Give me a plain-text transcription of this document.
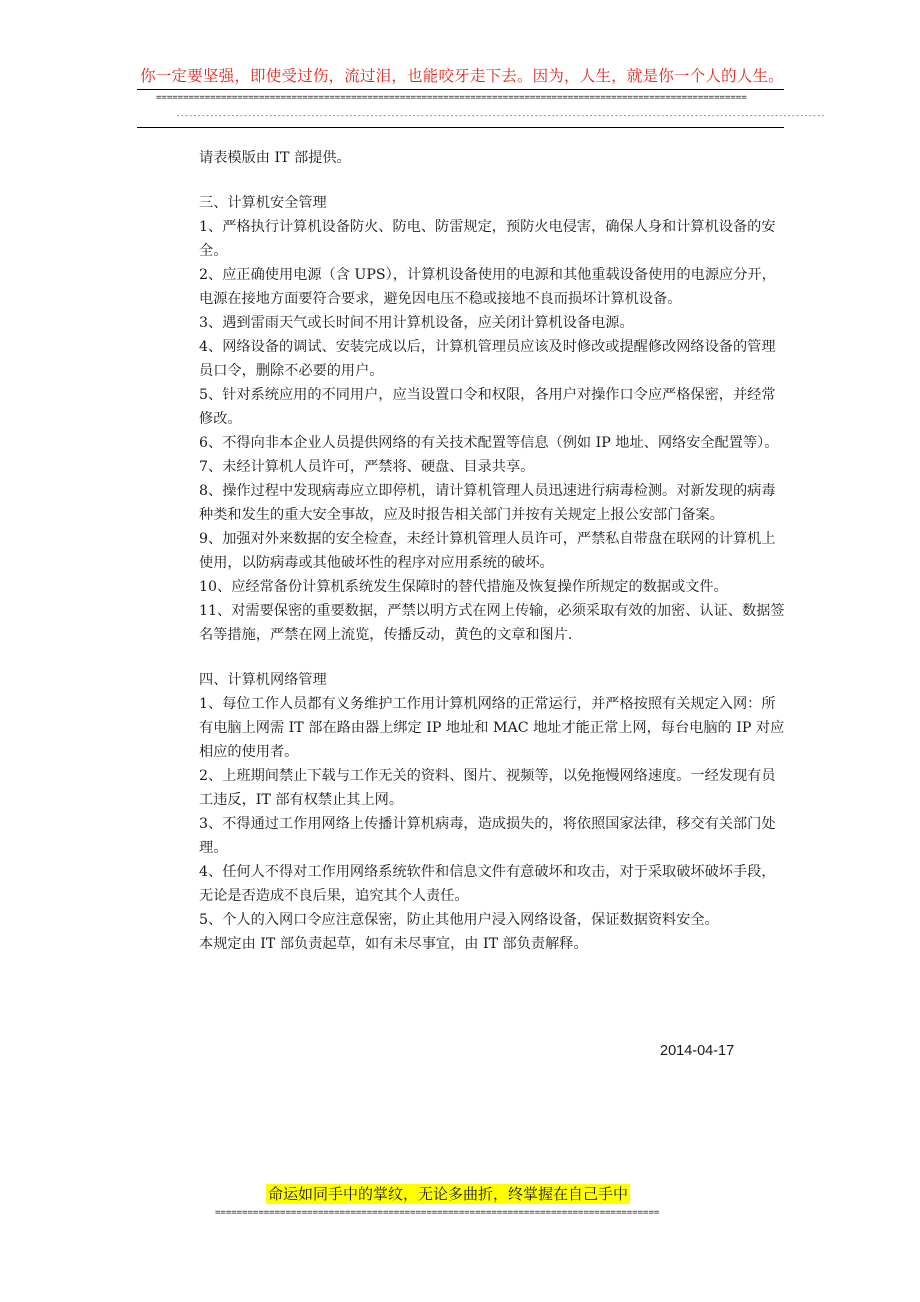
你一定要坚强，即使受过伤，流过泪，也能咬牙走下去。因为，人生，就是你一个人的人生。
=============================================================================================================
----------------------------------------------------------------------------------------------------------------------------------------------------------

请表模版由 IT 部提供。

三、计算机安全管理

1、严格执行计算机设备防火、防电、防雷规定，预防火电侵害，确保人身和计算机设备的安全。

2、应正确使用电源（含 UPS），计算机设备使用的电源和其他重载设备使用的电源应分开，电源在接地方面要符合要求，避免因电压不稳或接地不良而损坏计算机设备。

3、遇到雷雨天气或长时间不用计算机设备，应关闭计算机设备电源。

4、网络设备的调试、安装完成以后，计算机管理员应该及时修改或提醒修改网络设备的管理员口令，删除不必要的用户。

5、针对系统应用的不同用户，应当设置口令和权限，各用户对操作口令应严格保密，并经常修改。

6、不得向非本企业人员提供网络的有关技术配置等信息（例如 IP 地址、网络安全配置等）。

7、未经计算机人员许可，严禁将、硬盘、目录共享。

8、操作过程中发现病毒应立即停机，请计算机管理人员迅速进行病毒检测。对新发现的病毒种类和发生的重大安全事故，应及时报告相关部门并按有关规定上报公安部门备案。

9、加强对外来数据的安全检查，未经计算机管理人员许可，严禁私自带盘在联网的计算机上使用，以防病毒或其他破坏性的程序对应用系统的破坏。

10、应经常备份计算机系统发生保障时的替代措施及恢复操作所规定的数据或文件。

11、对需要保密的重要数据，严禁以明方式在网上传输，必须采取有效的加密、认证、数据签名等措施，严禁在网上流览，传播反动，黄色的文章和图片.

四、计算机网络管理

1、每位工作人员都有义务维护工作用计算机网络的正常运行，并严格按照有关规定入网：所有电脑上网需 IT 部在路由器上绑定 IP 地址和 MAC 地址才能正常上网，每台电脑的 IP 对应相应的使用者。

2、上班期间禁止下载与工作无关的资料、图片、视频等，以免拖慢网络速度。一经发现有员工违反，IT 部有权禁止其上网。

3、不得通过工作用网络上传播计算机病毒，造成损失的，将依照国家法律，移交有关部门处理。

4、任何人不得对工作用网络系统软件和信息文件有意破坏和攻击，对于采取破坏破坏手段，无论是否造成不良后果，追究其个人责任。

5、个人的入网口令应注意保密，防止其他用户浸入网络设备，保证数据资料安全。

本规定由 IT 部负责起草，如有未尽事宜，由 IT 部负责解释。

2014-04-17
命运如同手中的掌纹，无论多曲折，终掌握在自己手中
==================================================================================
